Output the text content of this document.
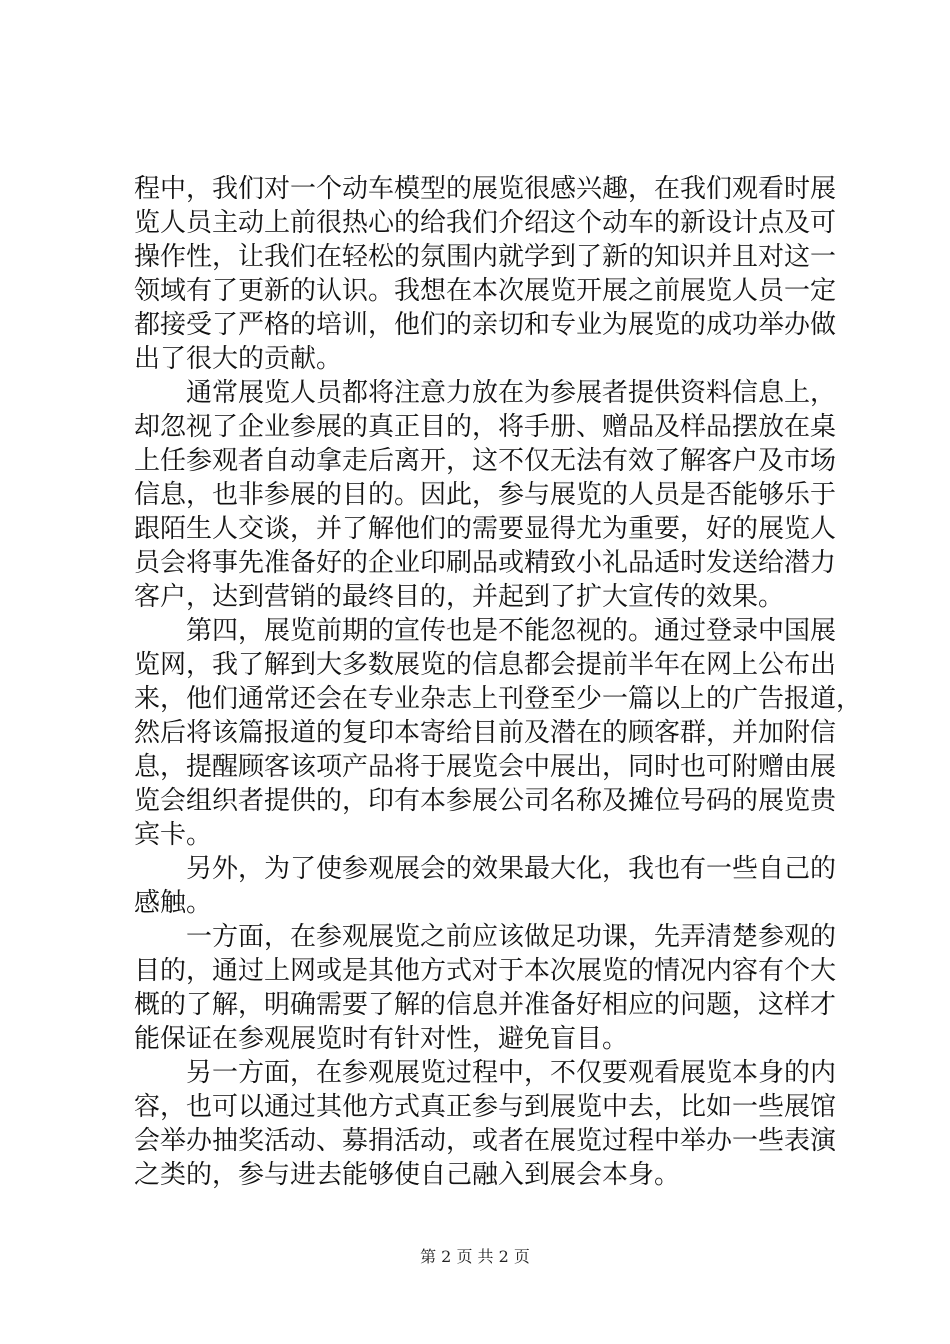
程中，我们对一个动车模型的展览很感兴趣，在我们观看时展
览人员主动上前很热心的给我们介绍这个动车的新设计点及可
操作性，让我们在轻松的氛围内就学到了新的知识并且对这一
领域有了更新的认识。我想在本次展览开展之前展览人员一定
都接受了严格的培训，他们的亲切和专业为展览的成功举办做
出了很大的贡献。
通常展览人员都将注意力放在为参展者提供资料信息上，
却忽视了企业参展的真正目的，将手册、赠品及样品摆放在桌
上任参观者自动拿走后离开，这不仅无法有效了解客户及市场
信息，也非参展的目的。因此，参与展览的人员是否能够乐于
跟陌生人交谈，并了解他们的需要显得尤为重要，好的展览人
员会将事先准备好的企业印刷品或精致小礼品适时发送给潜力
客户，达到营销的最终目的，并起到了扩大宣传的效果。
第四，展览前期的宣传也是不能忽视的。通过登录中国展
览网，我了解到大多数展览的信息都会提前半年在网上公布出
来，他们通常还会在专业杂志上刊登至少一篇以上的广告报道，
然后将该篇报道的复印本寄给目前及潜在的顾客群，并加附信
息，提醒顾客该项产品将于展览会中展出，同时也可附赠由展
览会组织者提供的，印有本参展公司名称及摊位号码的展览贵
宾卡。
另外，为了使参观展会的效果最大化，我也有一些自己的
感触。
一方面，在参观展览之前应该做足功课，先弄清楚参观的
目的，通过上网或是其他方式对于本次展览的情况内容有个大
概的了解，明确需要了解的信息并准备好相应的问题，这样才
能保证在参观展览时有针对性，避免盲目。
另一方面，在参观展览过程中，不仅要观看展览本身的内
容，也可以通过其他方式真正参与到展览中去，比如一些展馆
会举办抽奖活动、募捐活动，或者在展览过程中举办一些表演
之类的，参与进去能够使自己融入到展会本身。
第 2 页 共 2 页
